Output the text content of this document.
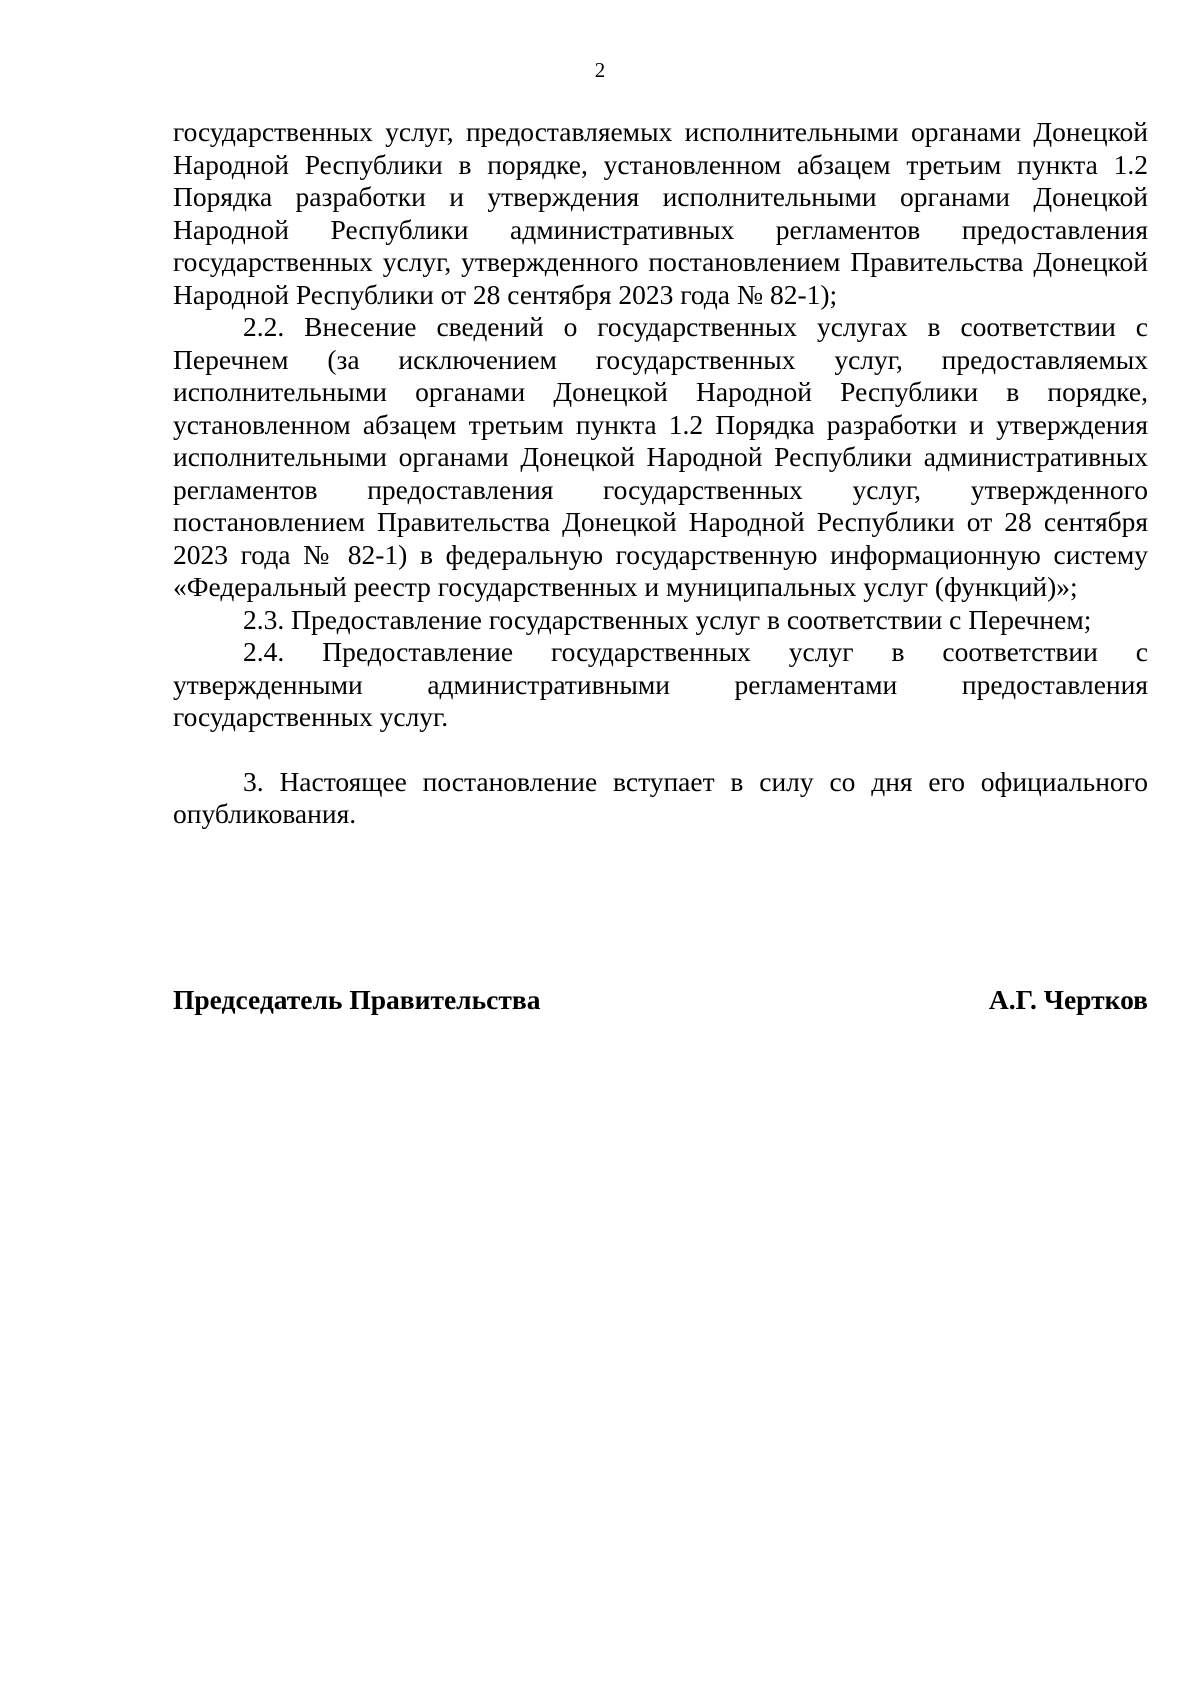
2

государственных услуг, предоставляемых исполнительными органами Донецкой Народной Республики в порядке, установленном абзацем третьим пункта 1.2 Порядка разработки и утверждения исполнительными органами Донецкой Народной Республики административных регламентов предоставления государственных услуг, утвержденного постановлением Правительства Донецкой Народной Республики от 28 сентября 2023 года № 82-1);

2.2. Внесение сведений о государственных услугах в соответствии с Перечнем (за исключением государственных услуг, предоставляемых исполнительными органами Донецкой Народной Республики в порядке, установленном абзацем третьим пункта 1.2 Порядка разработки и утверждения исполнительными органами Донецкой Народной Республики административных регламентов предоставления государственных услуг, утвержденного постановлением Правительства Донецкой Народной Республики от 28 сентября 2023 года № 82-1) в федеральную государственную информационную систему «Федеральный реестр государственных и муниципальных услуг (функций)»;

2.3. Предоставление государственных услуг в соответствии с Перечнем;

2.4. Предоставление государственных услуг в соответствии с утвержденными административными регламентами предоставления государственных услуг.

3. Настоящее постановление вступает в силу со дня его официального опубликования.

Председатель Правительства	А.Г. Чертков
